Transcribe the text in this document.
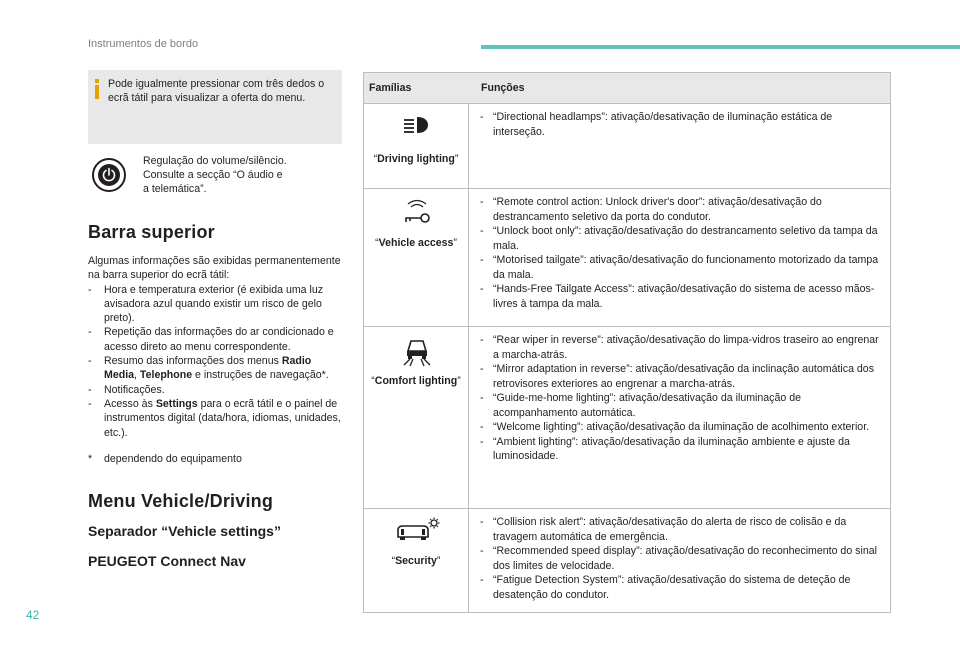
Instrumentos de bordo
Pode igualmente pressionar com três dedos o ecrã tátil para visualizar a oferta do menu.
Regulação do volume/silêncio.
Consulte a secção “O áudio e
a telemática”.
Barra superior
Algumas informações são exibidas permanentemente na barra superior do ecrã tátil:
- Hora e temperatura exterior (é exibida uma luz avisadora azul quando existir um risco de gelo preto).
- Repetição das informações do ar condicionado e acesso direto ao menu correspondente.
- Resumo das informações dos menus Radio Media, Telephone e instruções de navegação*.
- Notificações.
- Acesso às Settings para o ecrã tátil e o painel de instrumentos digital (data/hora, idiomas, unidades, etc.).
* dependendo do equipamento
Menu Vehicle/Driving
Separador “Vehicle settings”
PEUGEOT Connect Nav
Famílias	Funções
“Driving lighting”
- “Directional headlamps”: ativação/desativação de iluminação estática de interseção.
“Vehicle access”
- “Remote control action: Unlock driver's door”: ativação/desativação do destrancamento seletivo da porta do condutor.
- “Unlock boot only”: ativação/desativação do destrancamento seletivo da tampa da mala.
- “Motorised tailgate”: ativação/desativação do funcionamento motorizado da tampa da mala.
- “Hands-Free Tailgate Access”: ativação/desativação do sistema de acesso mãos-livres à tampa da mala.
“Comfort lighting”
- “Rear wiper in reverse”: ativação/desativação do limpa-vidros traseiro ao engrenar a marcha-atrás.
- “Mirror adaptation in reverse”: ativação/desativação da inclinação automática dos retrovisores exteriores ao engrenar a marcha-atrás.
- “Guide-me-home lighting”: ativação/desativação da iluminação de acompanhamento automática.
- “Welcome lighting”: ativação/desativação da iluminação de acolhimento exterior.
- “Ambient lighting”: ativação/desativação da iluminação ambiente e ajuste da luminosidade.
“Security”
- “Collision risk alert”: ativação/desativação do alerta de risco de colisão e da travagem automática de emergência.
- “Recommended speed display”: ativação/desativação do reconhecimento do sinal dos limites de velocidade.
- “Fatigue Detection System”: ativação/desativação do sistema de deteção de desatenção do condutor.
42
